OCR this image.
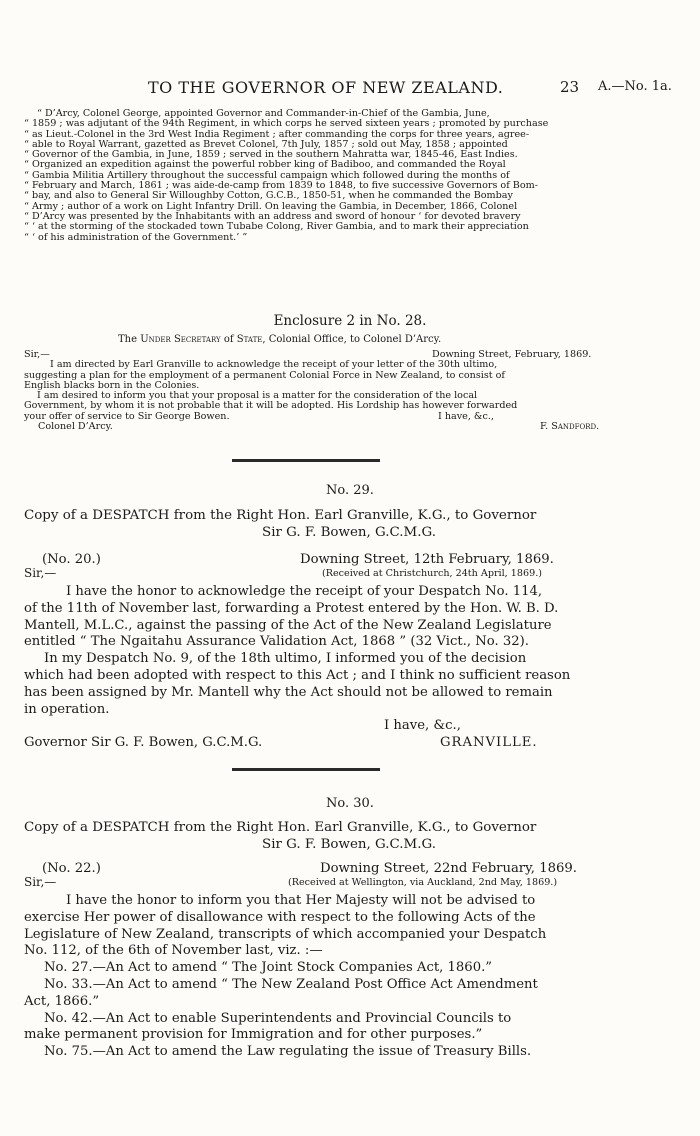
TO THE GOVERNOR OF NEW ZEALAND.	23 A.—No. 1a.

“ D’Arcy, Colonel George, appointed Governor and Commander-in-Chief of the Gambia, June,

“ 1859 ; was adjutant of the 94th Regiment, in which corps he served sixteen years ; promoted by purchase

“ as Lieut.-Colonel in the 3rd West India Regiment ; after commanding the corps for three years, agree-

“ able to Royal Warrant, gazetted as Brevet Colonel, 7th July, 1857 ; sold out May, 1858 ; appointed

“ Governor of the Gambia, in June, 1859 ; served in the southern Mahratta war, 1845-46, East Indies.

“ Organized an expedition against the powerful robber king of Badiboo, and commanded the Royal

“ Gambia Militia Artillery throughout the successful campaign which followed during the months of

“ February and March, 1861 ; was aide-de-camp from 1839 to 1848, to five successive Governors of Bom-

“ bay, and also to General Sir Willoughby Cotton, G.C.B., 1850-51, when he commanded the Bombay

“ Army ; author of a work on Light Infantry Drill. On leaving the Gambia, in December, 1866, Colonel

“ D’Arcy was presented by the Inhabitants with an address and sword of honour ‘ for devoted bravery

“ ‘ at the storming of the stockaded town Tubabe Colong, River Gambia, and to mark their appreciation

“ ‘ of his administration of the Government.’ ”

Enclosure 2 in No. 28.
The Under Secretary of State, Colonial Office, to Colonel D’Arcy.
Sir,—	Downing Street, February, 1869.

I am directed by Earl Granville to acknowledge the receipt of your letter of the 30th ultimo,

suggesting a plan for the employment of a permanent Colonial Force in New Zealand, to consist of

English blacks born in the Colonies.

I am desired to inform you that your proposal is a matter for the consideration of the local

Government, by whom it is not probable that it will be adopted. His Lordship has however forwarded

your offer of service to Sir George Bowen.	I have, &c.,
Colonel D’Arcy.	F. Sandford.
No. 29.
Copy of a DESPATCH from the Right Hon. Earl Granville, K.G., to Governor
Sir G. F. Bowen, G.C.M.G.
(No. 20.)	Downing Street, 12th February, 1869.
Sir,—	(Received at Christchurch, 24th April, 1869.)

I have the honor to acknowledge the receipt of your Despatch No. 114,

of the 11th of November last, forwarding a Protest entered by the Hon. W. B. D.

Mantell, M.L.C., against the passing of the Act of the New Zealand Legislature

entitled “ The Ngaitahu Assurance Validation Act, 1868 ” (32 Vict., No. 32).

In my Despatch No. 9, of the 18th ultimo, I informed you of the decision

which had been adopted with respect to this Act ; and I think no sufficient reason

has been assigned by Mr. Mantell why the Act should not be allowed to remain

in operation.

I have, &c.,
Governor Sir G. F. Bowen, G.C.M.G.	GRANVILLE.
No. 30.
Copy of a DESPATCH from the Right Hon. Earl Granville, K.G., to Governor
Sir G. F. Bowen, G.C.M.G.
(No. 22.)	Downing Street, 22nd February, 1869.
Sir,—	(Received at Wellington, via Auckland, 2nd May, 1869.)

I have the honor to inform you that Her Majesty will not be advised to

exercise Her power of disallowance with respect to the following Acts of the

Legislature of New Zealand, transcripts of which accompanied your Despatch

No. 112, of the 6th of November last, viz. :—

No. 27.—An Act to amend “ The Joint Stock Companies Act, 1860.”

No. 33.—An Act to amend “ The New Zealand Post Office Act Amendment

Act, 1866.”

No. 42.—An Act to enable Superintendents and Provincial Councils to

make permanent provision for Immigration and for other purposes.”

No. 75.—An Act to amend the Law regulating the issue of Treasury Bills.
